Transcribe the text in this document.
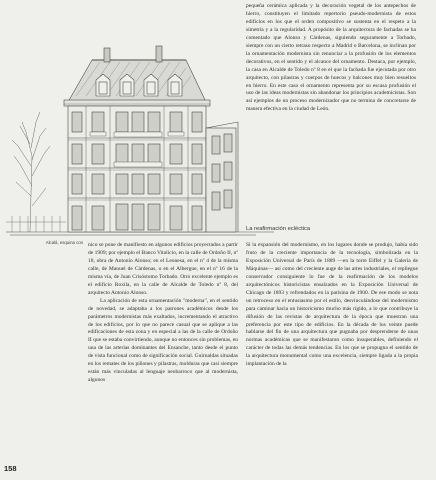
Alcalá, esquina con nico se pone de manifiesto en algunos edificios proyectados a partir de 1909; por ejemplo el Banco Vitalicio, en la calle de Ordoño II, nº 18, obra de Antonio Alonso; en el Leonesa, en el nº 4 de la misma calle, de Manuel de Cárdenas, o en el Albergue, en el nº 16 de la misma vía, de Juan Crisóstomo Torbado. Otro excelente ejemplo es el edificio Roxila, en la calle de Alcalde de Toledo nº 8, del arquitecto Antonio Alonso.

La aplicación de esta ornamentación "moderna", en el sentido de novedad, se adaptaba a los patrones académicos desde los parámetros modernistas más exaltados, incrementando el atractivo de los edificios, por lo que no parece casual que se aplique a las edificaciones de esta zona y en especial a las de la calle de Ordoño II que se estaba convirtiendo, aunque no entonces sin problemas, en una de las arterias dominantes del Ensanche, tanto desde el punto de vista funcional como de significación social. Guirnaldas situadas en los remates de los piñones y pilastras, molduras que casi siempre están más vinculadas al lenguaje neobarroco que al modernista, algunos

pequeña cerámica aplicada y la decoración vegetal de los antepechos de hierro, constituyen el limitado repertorio pseudo-modernista de estos edificios en los que el orden compositivo se sustenta en el respeto a la simetría y a la regularidad. A propósito de la arquitectura de fachadas se ha comentado que Alonso y Cárdenas, siguiendo seguramente a Torbado, siempre con un cierto retraso respecto a Madrid o Barcelona, se inclinan por la ornamentación modernista sin renunciar a la profusión de los elementos decorativos, en el sentido y el alcance del ornamento. Destaca, por ejemplo, la casa en Alcalde de Toledo nº 8 en el que la fachada fue ejecutada por otro arquitecto, con pilastras y cuerpos de huecos y balcones muy bien resueltos en hierro. En este caso el ornamento representa por su escasa profusión el uso de las ideas modernistas sin abandonar los principios academicistas. Son así ejemplos de un proceso modernizador que no termina de concretarse de manera efectiva en la ciudad de León.

La reafirmación ecléctica

Si la expansión del modernismo, en los lugares donde se produjo, había sido fruto de la creciente importancia de la tecnología, simbolizada en la Exposición Universal de París de 1889 —en la torre Eiffel y la Galería de Máquinas— así como del creciente auge de las artes industriales, el repliegue conservador consiguiente lo fue de la reafirmación de los modelos arquitectónicos historicistas ensalzados en la Exposición Universal de Chicago de 1893 y refrendados en la parisina de 1900. De ese modo se nota un retroceso en el entusiasmo por el estilo, desvinculándose del modernismo para caminar hacia un historicismo mucho más rígido, a lo que contribuye la difusión de las revistas de arquitectura de la época que muestran una preferencia por este tipo de edificios. En la década de los veinte puede hablarse del fin de una arquitectura que pugnaba por desprenderse de unas normas académicas que se manifestaron como insuperables, definiendo el carácter de todas las demás tendencias. En los que se propugna el sentido de la arquitectura monumental como una excelencia, siempre ligada a la propia implantación de la

158
